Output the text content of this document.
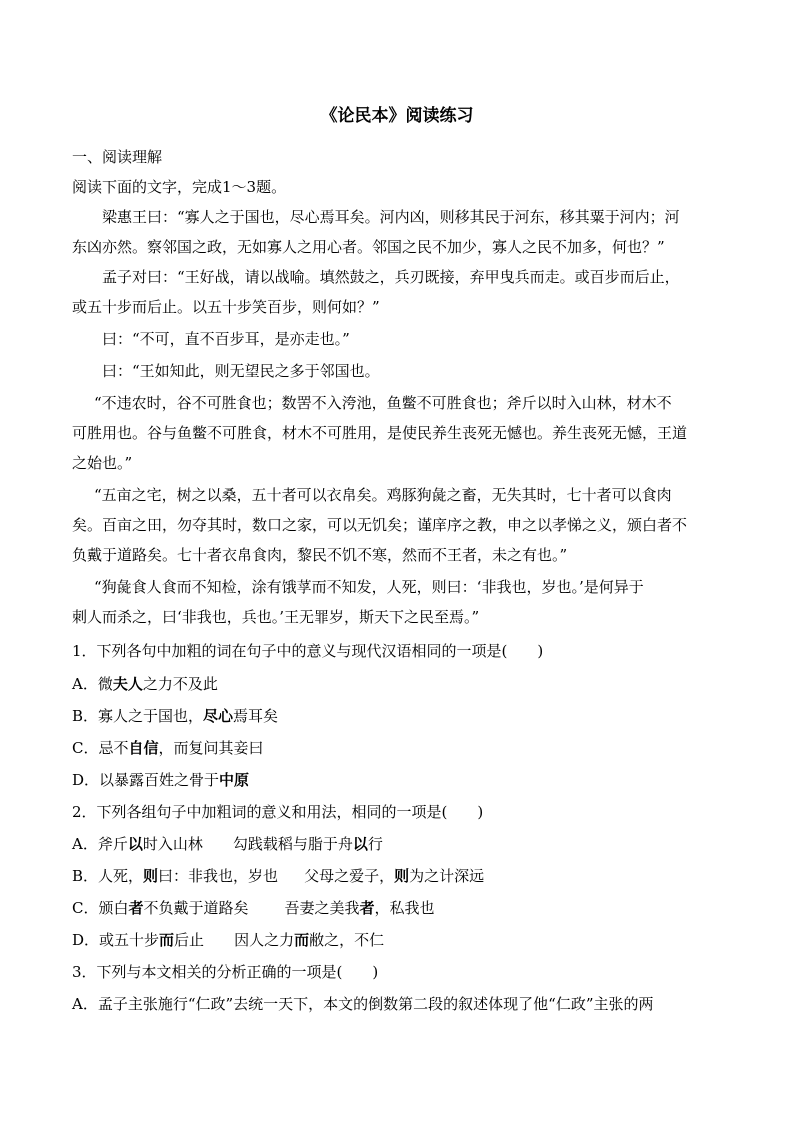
《论民本》阅读练习
一、阅读理解
阅读下面的文字，完成1～3题。
梁惠王曰：“寡人之于国也，尽心焉耳矣。河内凶，则移其民于河东，移其粟于河内；河
东凶亦然。察邻国之政，无如寡人之用心者。邻国之民不加少，寡人之民不加多，何也？”
孟子对曰：“王好战，请以战喻。填然鼓之，兵刃既接，弃甲曳兵而走。或百步而后止，
或五十步而后止。以五十步笑百步，则何如？”
曰：“不可，直不百步耳，是亦走也。”
曰：“王如知此，则无望民之多于邻国也。
“不违农时，谷不可胜食也；数罟不入洿池，鱼鳖不可胜食也；斧斤以时入山林，材木不
可胜用也。谷与鱼鳖不可胜食，材木不可胜用，是使民养生丧死无憾也。养生丧死无憾，王道
之始也。”
“五亩之宅，树之以桑，五十者可以衣帛矣。鸡豚狗彘之畜，无失其时，七十者可以食肉
矣。百亩之田，勿夺其时，数口之家，可以无饥矣；谨庠序之教，申之以孝悌之义，颁白者不
负戴于道路矣。七十者衣帛食肉，黎民不饥不寒，然而不王者，未之有也。”
“狗彘食人食而不知检，涂有饿莩而不知发，人死，则曰：‘非我也，岁也。’是何异于
刺人而杀之，曰‘非我也，兵也。’王无罪岁，斯天下之民至焉。”
1．下列各句中加粗的词在句子中的意义与现代汉语相同的一项是(　　)
A．微夫人之力不及此
B．寡人之于国也，尽心焉耳矣
C．忌不自信，而复问其妾曰
D．以暴露百姓之骨于中原
2．下列各组句子中加粗词的意义和用法，相同的一项是(　　)
A．斧斤以时入山林 勾践载稻与脂于舟以行
B．人死，则曰：非我也，岁也 父母之爱子，则为之计深远
C．颁白者不负戴于道路矣 吾妻之美我者，私我也
D．或五十步而后止 因人之力而敝之，不仁
3．下列与本文相关的分析正确的一项是(　　)
A．孟子主张施行“仁政”去统一天下，本文的倒数第二段的叙述体现了他“仁政”主张的两
